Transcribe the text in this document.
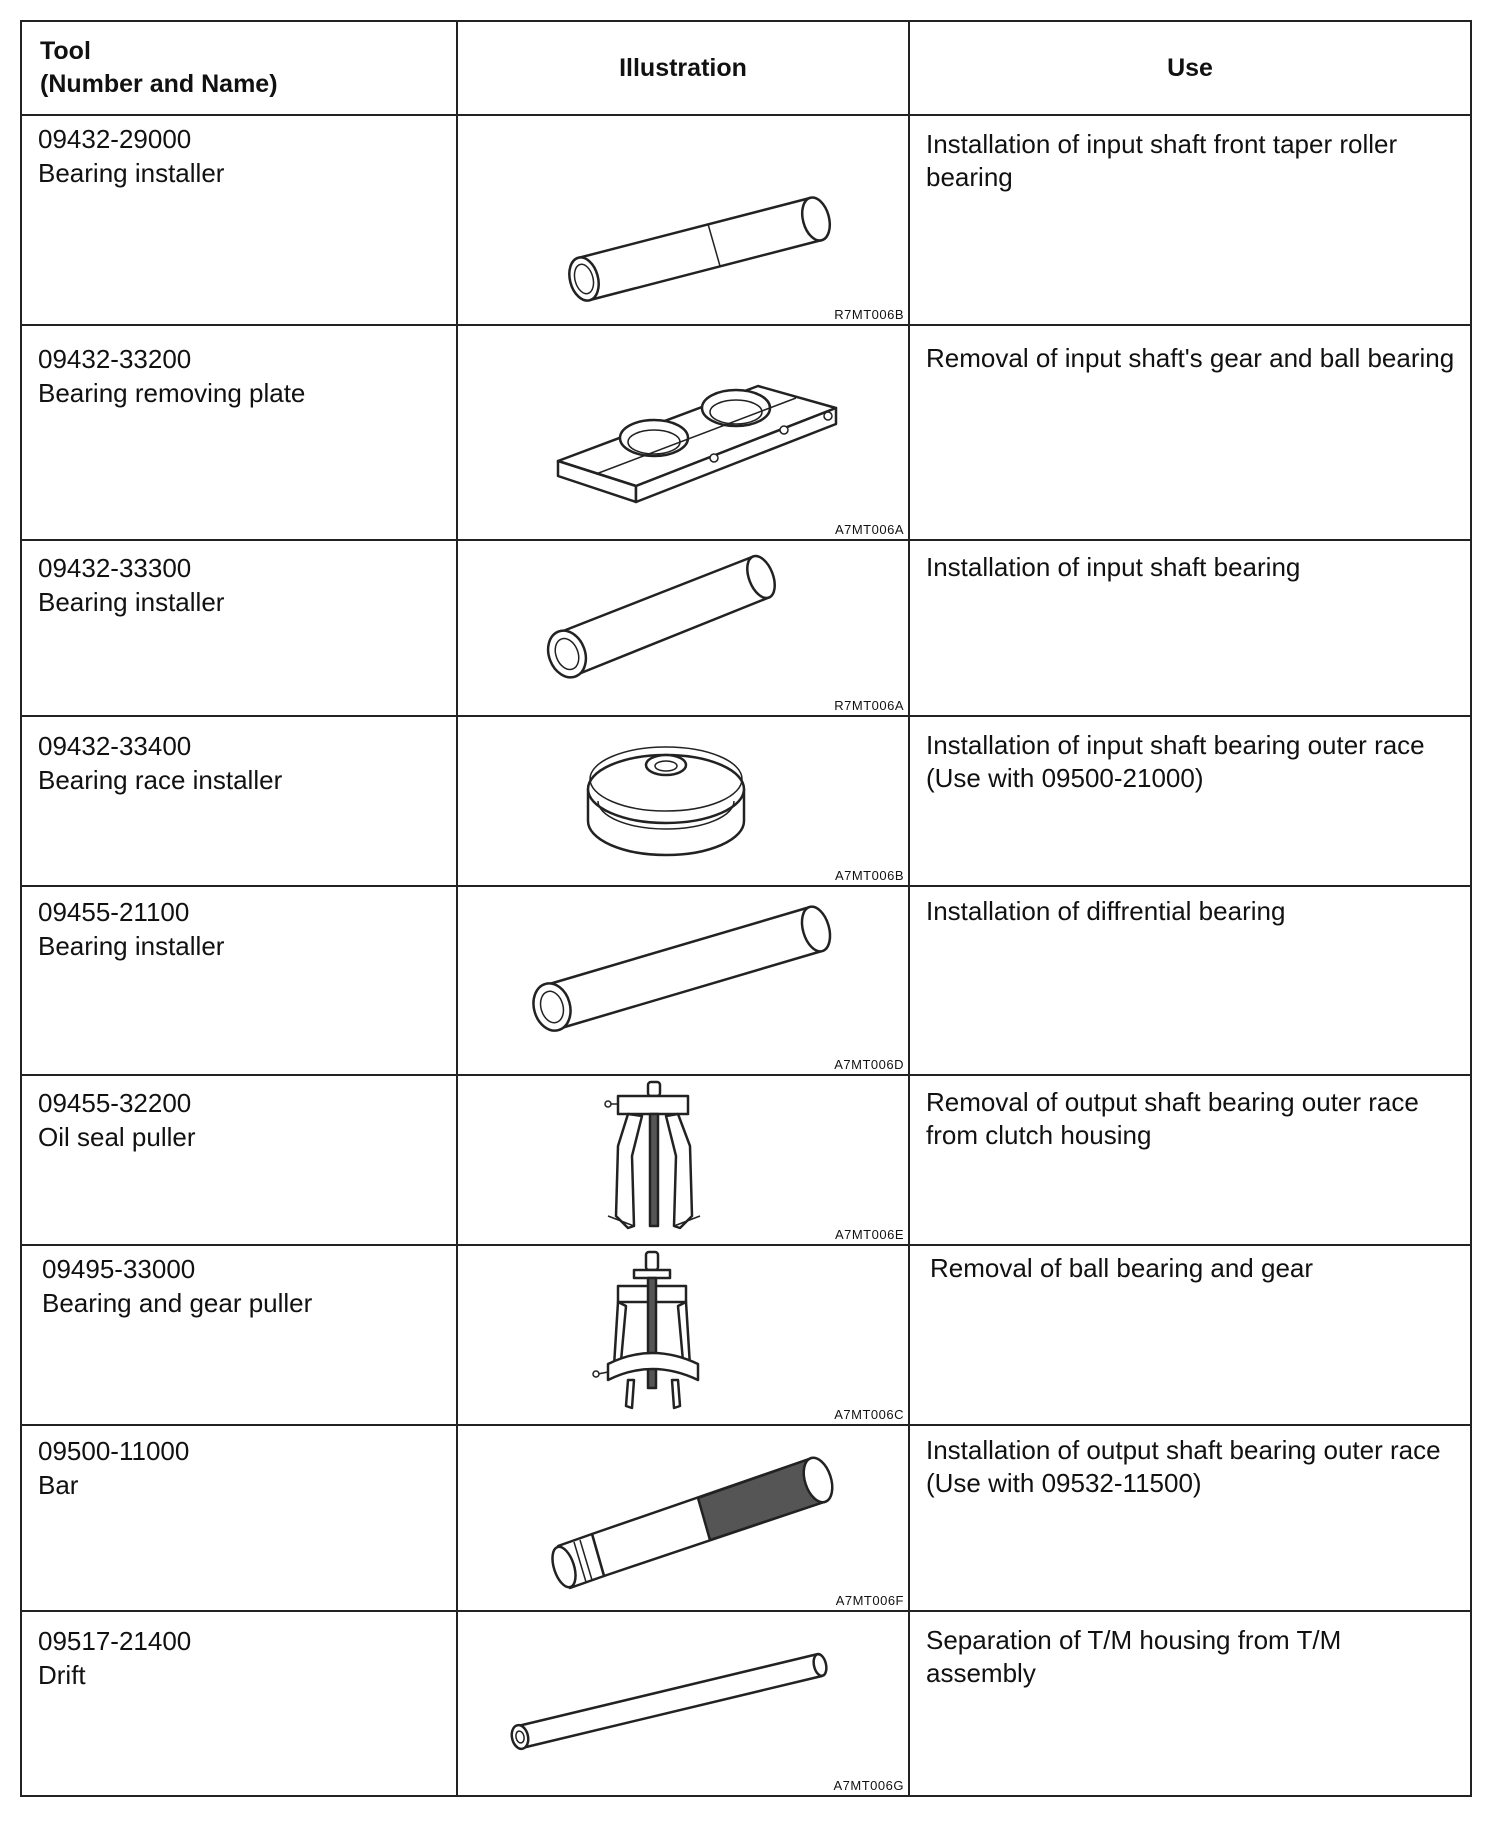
Tool
(Number and Name)	Illustration	Use

09432-29000
Bearing installer	R7MT006B	Installation of input shaft front taper roller bearing

09432-33200
Bearing removing plate	A7MT006A	Removal of input shaft's gear and ball bearing

09432-33300
Bearing installer	R7MT006A	Installation of input shaft bearing

09432-33400
Bearing race installer	A7MT006B	Installation of input shaft bearing outer race (Use with 09500-21000)

09455-21100
Bearing installer	A7MT006D	Installation of diffrential bearing

09455-32200
Oil seal puller	A7MT006E	Removal of output shaft bearing outer race from clutch housing

09495-33000
Bearing and gear puller	A7MT006C	Removal of ball bearing and gear

09500-11000
Bar	A7MT006F	Installation of output shaft bearing outer race (Use with 09532-11500)

09517-21400
Drift	A7MT006G	Separation of T/M housing from T/M assembly
